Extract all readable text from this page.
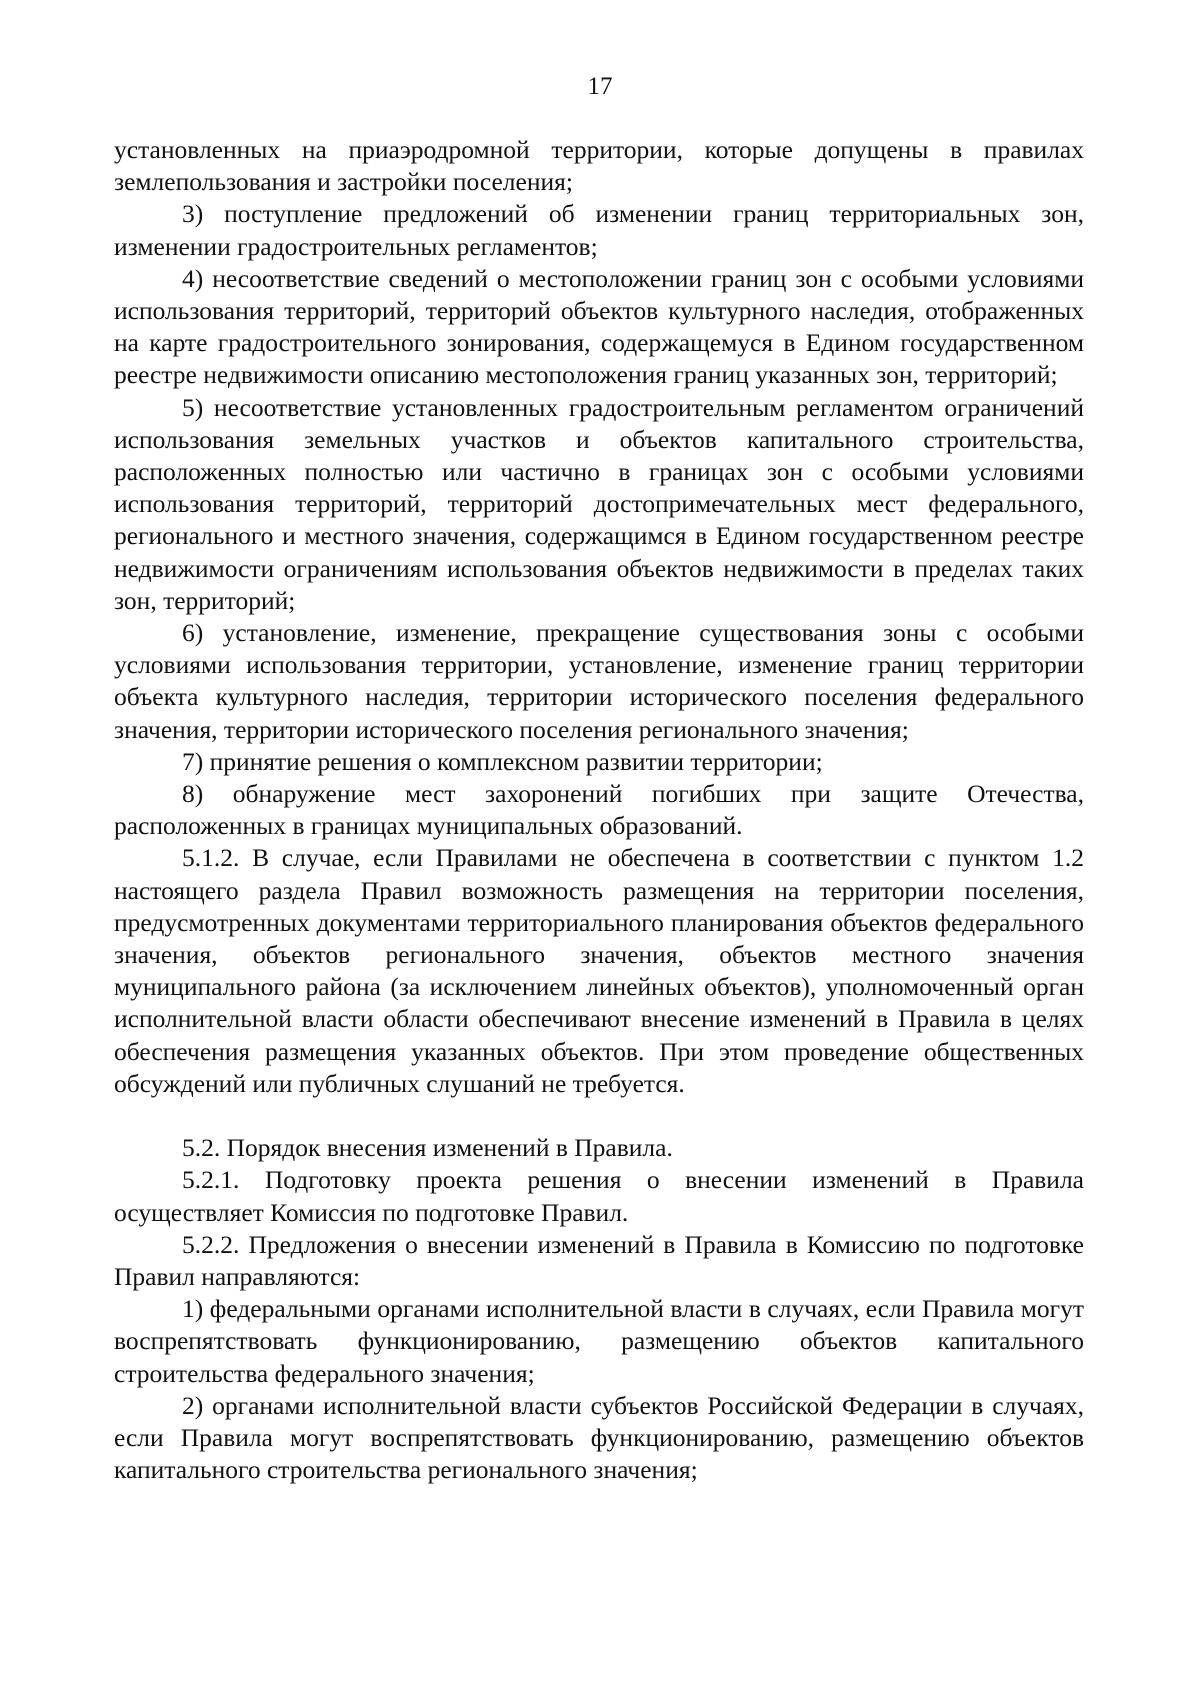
17

установленных на приаэродромной территории, которые допущены в правилах землепользования и застройки поселения;

3) поступление предложений об изменении границ территориальных зон, изменении градостроительных регламентов;

4) несоответствие сведений о местоположении границ зон с особыми условиями использования территорий, территорий объектов культурного наследия, отображенных на карте градостроительного зонирования, содержащемуся в Едином государственном реестре недвижимости описанию местоположения границ указанных зон, территорий;

5) несоответствие установленных градостроительным регламентом ограничений использования земельных участков и объектов капитального строительства, расположенных полностью или частично в границах зон с особыми условиями использования территорий, территорий достопримечательных мест федерального, регионального и местного значения, содержащимся в Едином государственном реестре недвижимости ограничениям использования объектов недвижимости в пределах таких зон, территорий;

6) установление, изменение, прекращение существования зоны с особыми условиями использования территории, установление, изменение границ территории объекта культурного наследия, территории исторического поселения федерального значения, территории исторического поселения регионального значения;

7) принятие решения о комплексном развитии территории;

8) обнаружение мест захоронений погибших при защите Отечества, расположенных в границах муниципальных образований.

5.1.2. В случае, если Правилами не обеспечена в соответствии с пунктом 1.2 настоящего раздела Правил возможность размещения на территории поселения, предусмотренных документами территориального планирования объектов федерального значения, объектов регионального значения, объектов местного значения муниципального района (за исключением линейных объектов), уполномоченный орган исполнительной власти области обеспечивают внесение изменений в Правила в целях обеспечения размещения указанных объектов. При этом проведение общественных обсуждений или публичных слушаний не требуется.

5.2. Порядок внесения изменений в Правила.

5.2.1. Подготовку проекта решения о внесении изменений в Правила осуществляет Комиссия по подготовке Правил.

5.2.2. Предложения о внесении изменений в Правила в Комиссию по подготовке Правил направляются:

1) федеральными органами исполнительной власти в случаях, если Правила могут воспрепятствовать функционированию, размещению объектов капитального строительства федерального значения;

2) органами исполнительной власти субъектов Российской Федерации в случаях, если Правила могут воспрепятствовать функционированию, размещению объектов капитального строительства регионального значения;
